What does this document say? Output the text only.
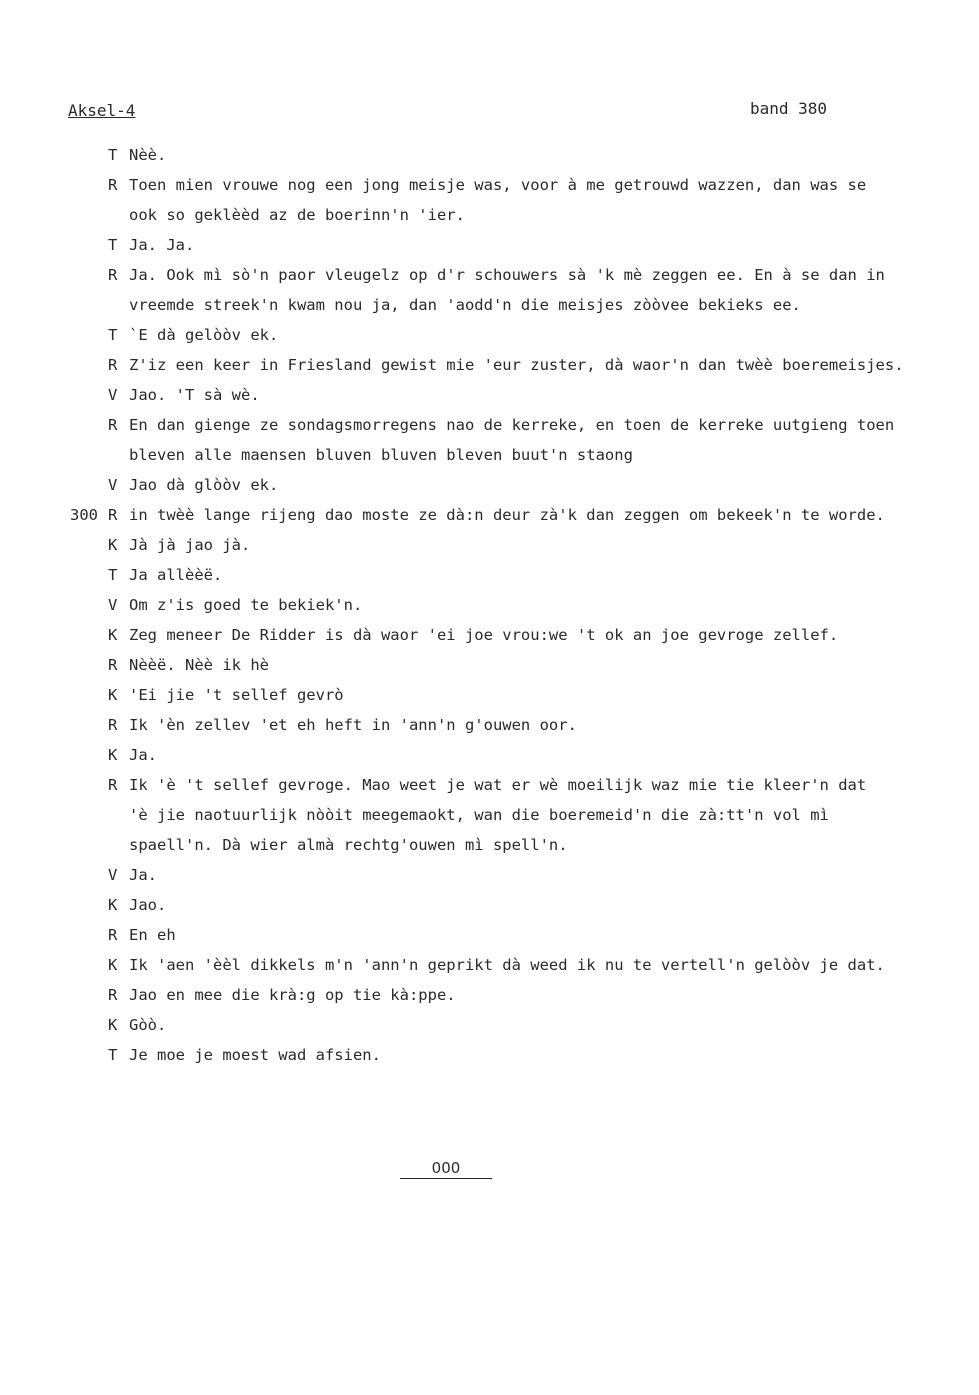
Aksel-4	band 380
T Nèè.
R Toen mien vrouwe nog een jong meisje was, voor à me getrouwd wazzen, dan was se
ook so geklèèd az de boerinn'n 'ier.
T Ja. Ja.
R Ja. Ook mì sò'n paor vleugelz op d'r schouwers sà 'k mè zeggen ee. En à se dan in
vreemde streek'n kwam nou ja, dan 'aodd'n die meisjes zòòvee bekieks ee.
T `E dà gelòòv ek.
R Z'iz een keer in Friesland gewist mie 'eur zuster, dà waor'n dan twèè boeremeisjes.
V Jao. 'T sà wè.
R En dan gienge ze sondagsmorregens nao de kerreke, en toen de kerreke uutgieng toen
bleven alle maensen bluven bluven bleven buut'n staong
V Jao dà glòòv ek.
300 R in twèè lange rijeng dao moste ze dà:n deur zà'k dan zeggen om bekeek'n te worde.
K Jà jà jao jà.
T Ja allèèë.
V Om z'is goed te bekiek'n.
K Zeg meneer De Ridder is dà waor 'ei joe vrou:we 't ok an joe gevroge zellef.
R Nèèë. Nèè ik hè
K 'Ei jie 't sellef gevrò
R Ik 'èn zellev 'et eh heft in 'ann'n g'ouwen oor.
K Ja.
R Ik 'è 't sellef gevroge. Mao weet je wat er wè moeilijk waz mie tie kleer'n dat
'è jie naotuurlijk nòòit meegemaokt, wan die boeremeid'n die zà:tt'n vol mì
spaell'n. Dà wier almà rechtg'ouwen mì spell'n.
V Ja.
K Jao.
R En eh
K Ik 'aen 'èèl dikkels m'n 'ann'n geprikt dà weed ik nu te vertell'n gelòòv je dat.
R Jao en mee die krà:g op tie kà:ppe.
K Gòò.
T Je moe je moest wad afsien.
000
